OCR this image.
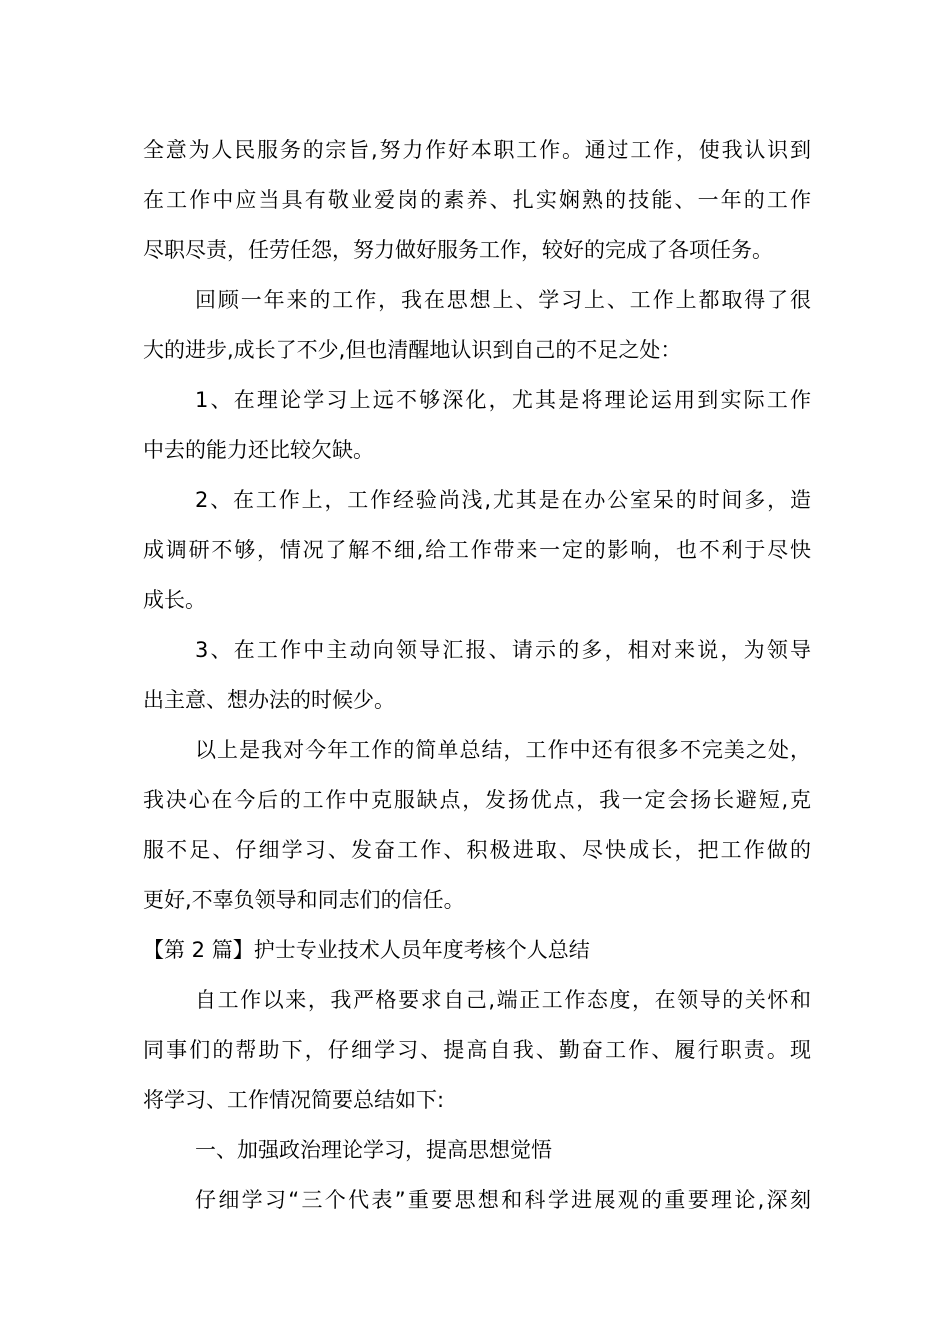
全意为人民服务的宗旨,努力作好本职工作。通过工作，使我认识到
在工作中应当具有敬业爱岗的素养、扎实娴熟的技能、一年的工作
尽职尽责，任劳任怨，努力做好服务工作，较好的完成了各项任务。
回顾一年来的工作，我在思想上、学习上、工作上都取得了很
大的进步,成长了不少,但也清醒地认识到自己的不足之处：
1、在理论学习上远不够深化，尤其是将理论运用到实际工作
中去的能力还比较欠缺。
2、在工作上，工作经验尚浅,尤其是在办公室呆的时间多，造
成调研不够，情况了解不细,给工作带来一定的影响，也不利于尽快
成长。
3、在工作中主动向领导汇报、请示的多，相对来说，为领导
出主意、想办法的时候少。
以上是我对今年工作的简单总结，工作中还有很多不完美之处，
我决心在今后的工作中克服缺点，发扬优点，我一定会扬长避短,克
服不足、仔细学习、发奋工作、积极进取、尽快成长，把工作做的
更好,不辜负领导和同志们的信任。
【第 2 篇】护士专业技术人员年度考核个人总结
自工作以来，我严格要求自己,端正工作态度，在领导的关怀和
同事们的帮助下，仔细学习、提高自我、勤奋工作、履行职责。现
将学习、工作情况简要总结如下:
一、加强政治理论学习，提高思想觉悟
仔细学习“三个代表”重要思想和科学进展观的重要理论,深刻
